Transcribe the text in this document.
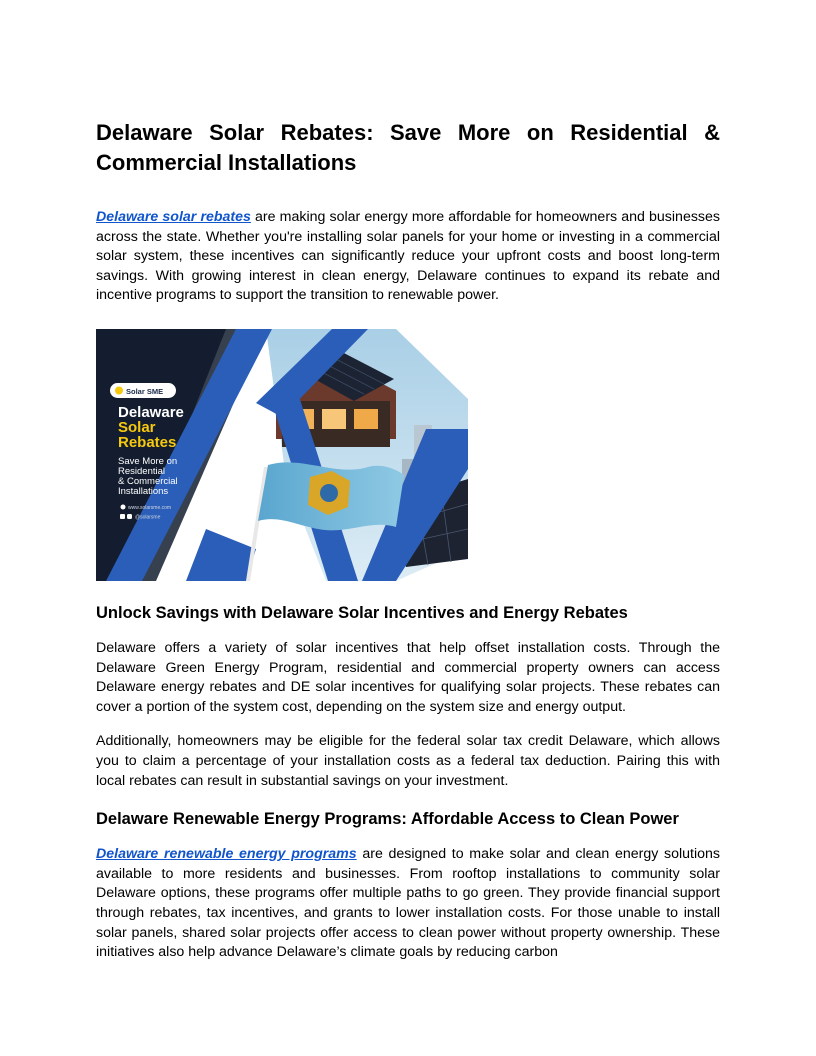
Delaware Solar Rebates: Save More on Residential & Commercial Installations

Delaware solar rebates are making solar energy more affordable for homeowners and businesses across the state. Whether you're installing solar panels for your home or investing in a commercial solar system, these incentives can significantly reduce your upfront costs and boost long-term savings. With growing interest in clean energy, Delaware continues to expand its rebate and incentive programs to support the transition to renewable power.

Solar SME
Delaware
Solar
Rebates
Save More on
Residential
& Commercial
Installations
www.solarsme.com
@solarsme
Unlock Savings with Delaware Solar Incentives and Energy Rebates

Delaware offers a variety of solar incentives that help offset installation costs. Through the Delaware Green Energy Program, residential and commercial property owners can access Delaware energy rebates and DE solar incentives for qualifying solar projects. These rebates can cover a portion of the system cost, depending on the system size and energy output.

Additionally, homeowners may be eligible for the federal solar tax credit Delaware, which allows you to claim a percentage of your installation costs as a federal tax deduction. Pairing this with local rebates can result in substantial savings on your investment.

Delaware Renewable Energy Programs: Affordable Access to Clean Power

Delaware renewable energy programs are designed to make solar and clean energy solutions available to more residents and businesses. From rooftop installations to community solar Delaware options, these programs offer multiple paths to go green. They provide financial support through rebates, tax incentives, and grants to lower installation costs. For those unable to install solar panels, shared solar projects offer access to clean power without property ownership. These initiatives also help advance Delaware’s climate goals by reducing carbon
